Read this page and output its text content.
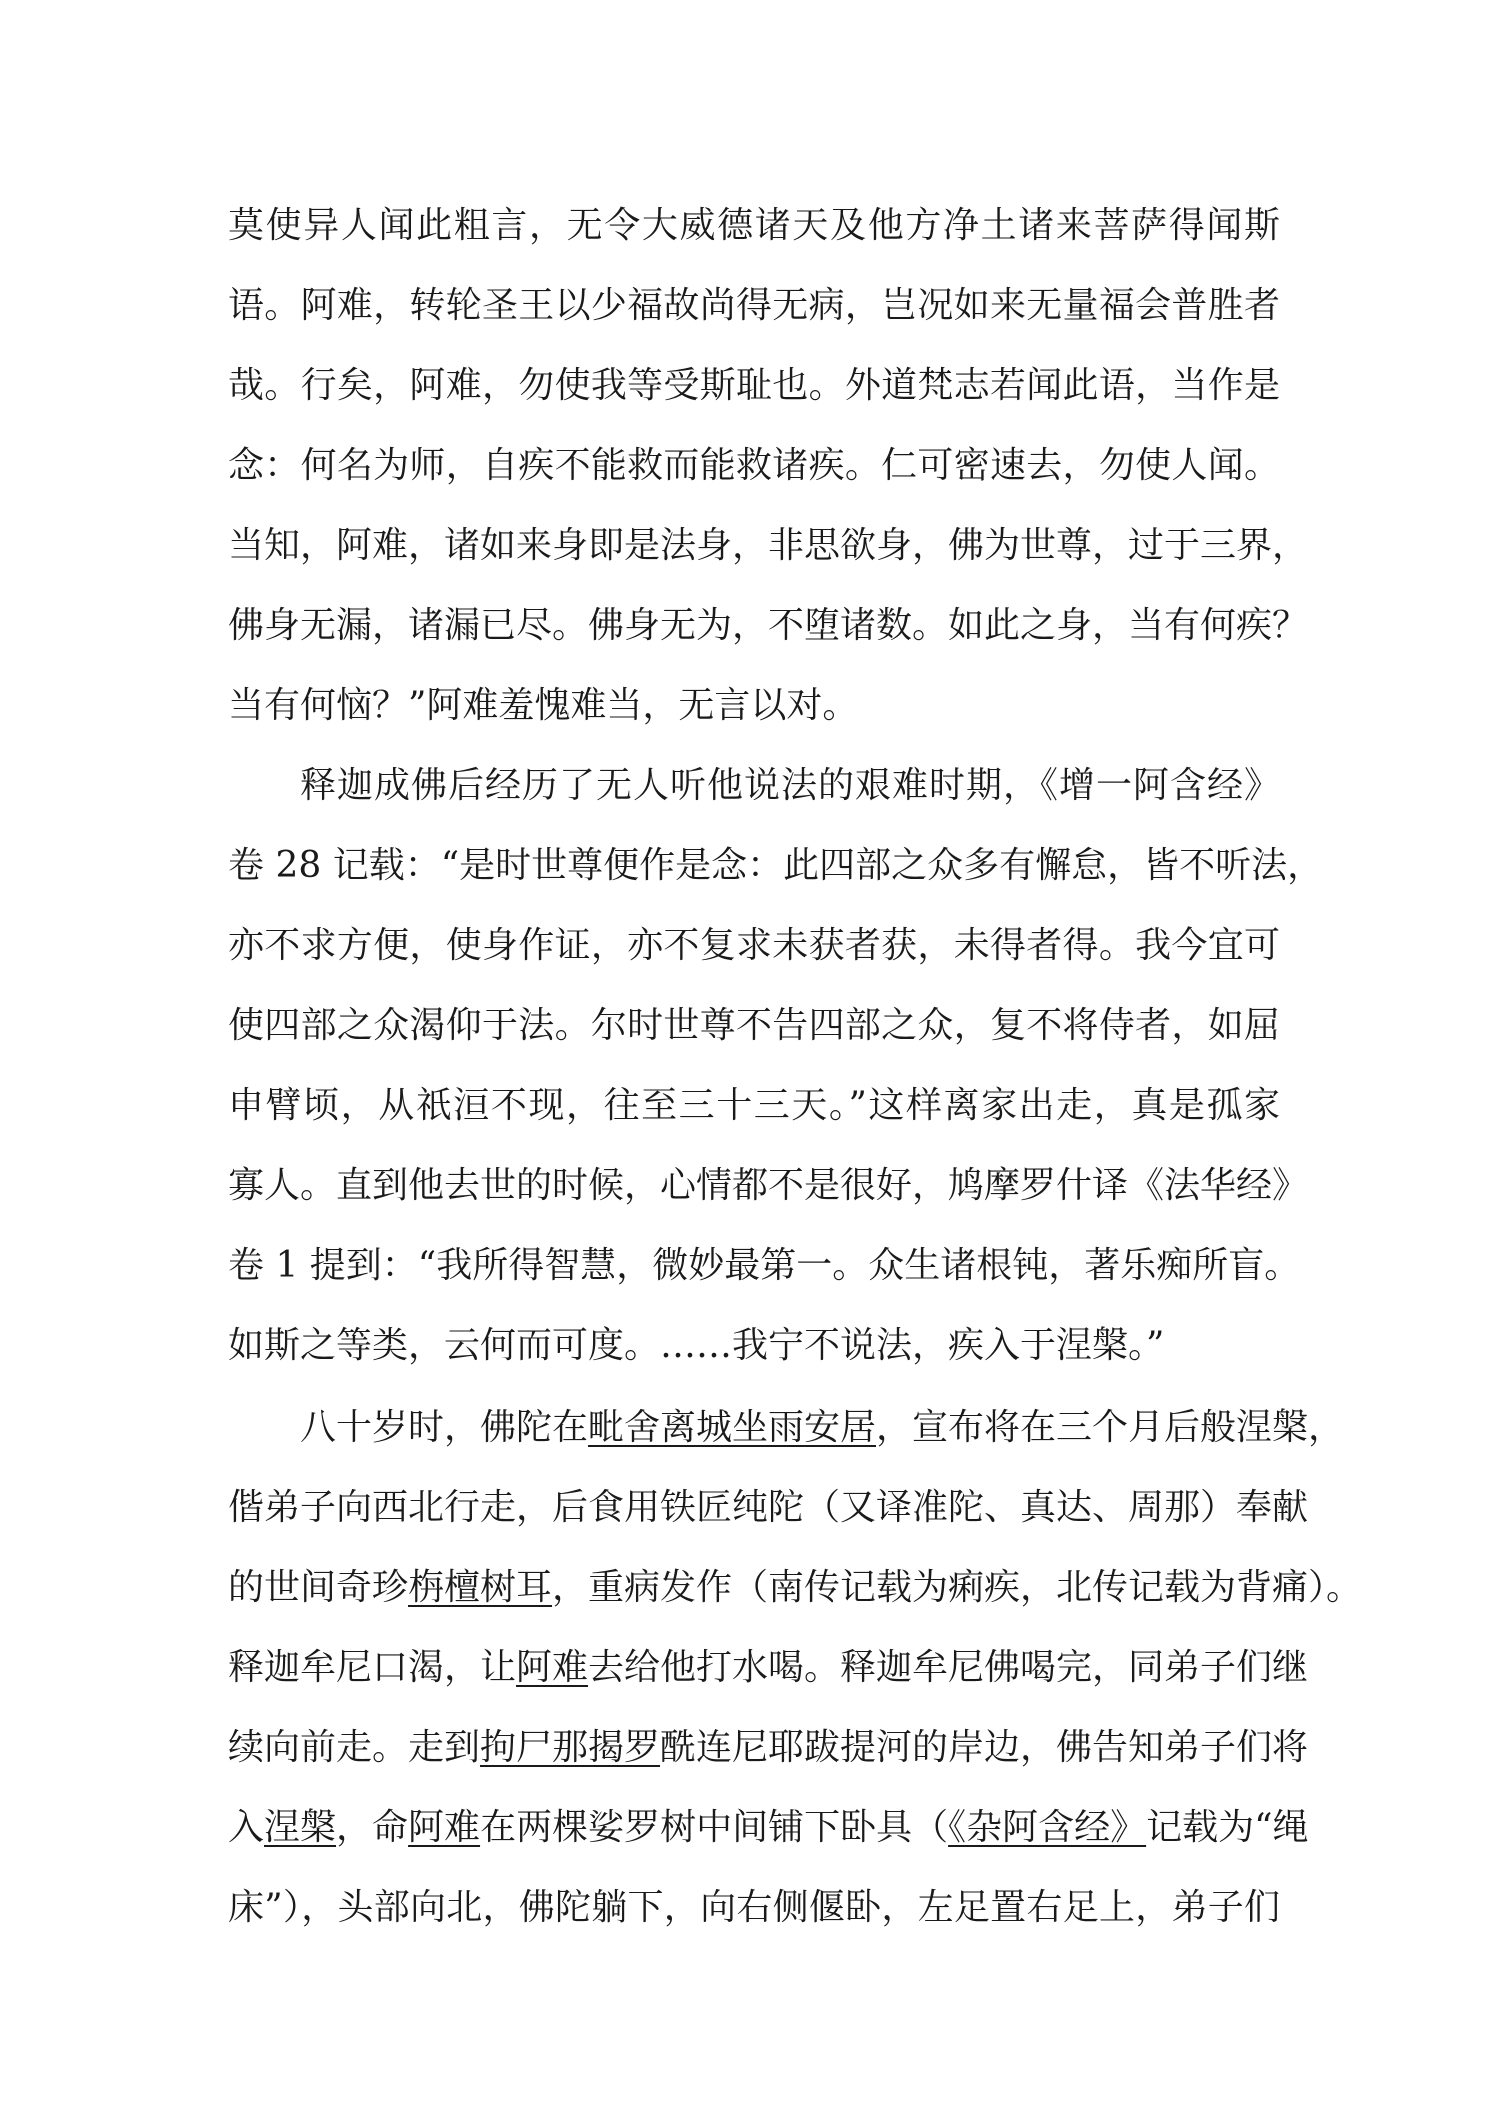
莫使异人闻此粗言，无令大威德诸天及他方净土诸来菩萨得闻斯
语。阿难，转轮圣王以少福故尚得无病，岂况如来无量福会普胜者
哉。行矣，阿难，勿使我等受斯耻也。外道梵志若闻此语，当作是
念：何名为师，自疾不能救而能救诸疾。仁可密速去，勿使人闻。
当知，阿难，诸如来身即是法身，非思欲身，佛为世尊，过于三界，
佛身无漏，诸漏已尽。佛身无为，不堕诸数。如此之身，当有何疾？
当有何恼？”阿难羞愧难当，无言以对。
释迦成佛后经历了无人听他说法的艰难时期，《增一阿含经》
卷 28 记载：“是时世尊便作是念：此四部之众多有懈怠，皆不听法，
亦不求方便，使身作证，亦不复求未获者获，未得者得。我今宜可
使四部之众渴仰于法。尔时世尊不告四部之众，复不将侍者，如屈
申臂顷，从祇洹不现，往至三十三天。”这样离家出走，真是孤家
寡人。直到他去世的时候，心情都不是很好，鸠摩罗什译《法华经》
卷 1 提到：“我所得智慧，微妙最第一。众生诸根钝，著乐痴所盲。
如斯之等类，云何而可度。……我宁不说法，疾入于涅槃。”
八十岁时，佛陀在毗舍离城坐雨安居，宣布将在三个月后般涅槃，
偕弟子向西北行走，后食用铁匠纯陀（又译准陀、真达、周那）奉献
的世间奇珍栴檀树耳，重病发作（南传记载为痢疾，北传记载为背痛）。
释迦牟尼口渴，让阿难去给他打水喝。释迦牟尼佛喝完，同弟子们继
续向前走。走到拘尸那揭罗酰连尼耶跋提河的岸边，佛告知弟子们将
入涅槃，命阿难在两棵娑罗树中间铺下卧具（《杂阿含经》记载为“绳
床”），头部向北，佛陀躺下，向右侧偃卧，左足置右足上，弟子们
